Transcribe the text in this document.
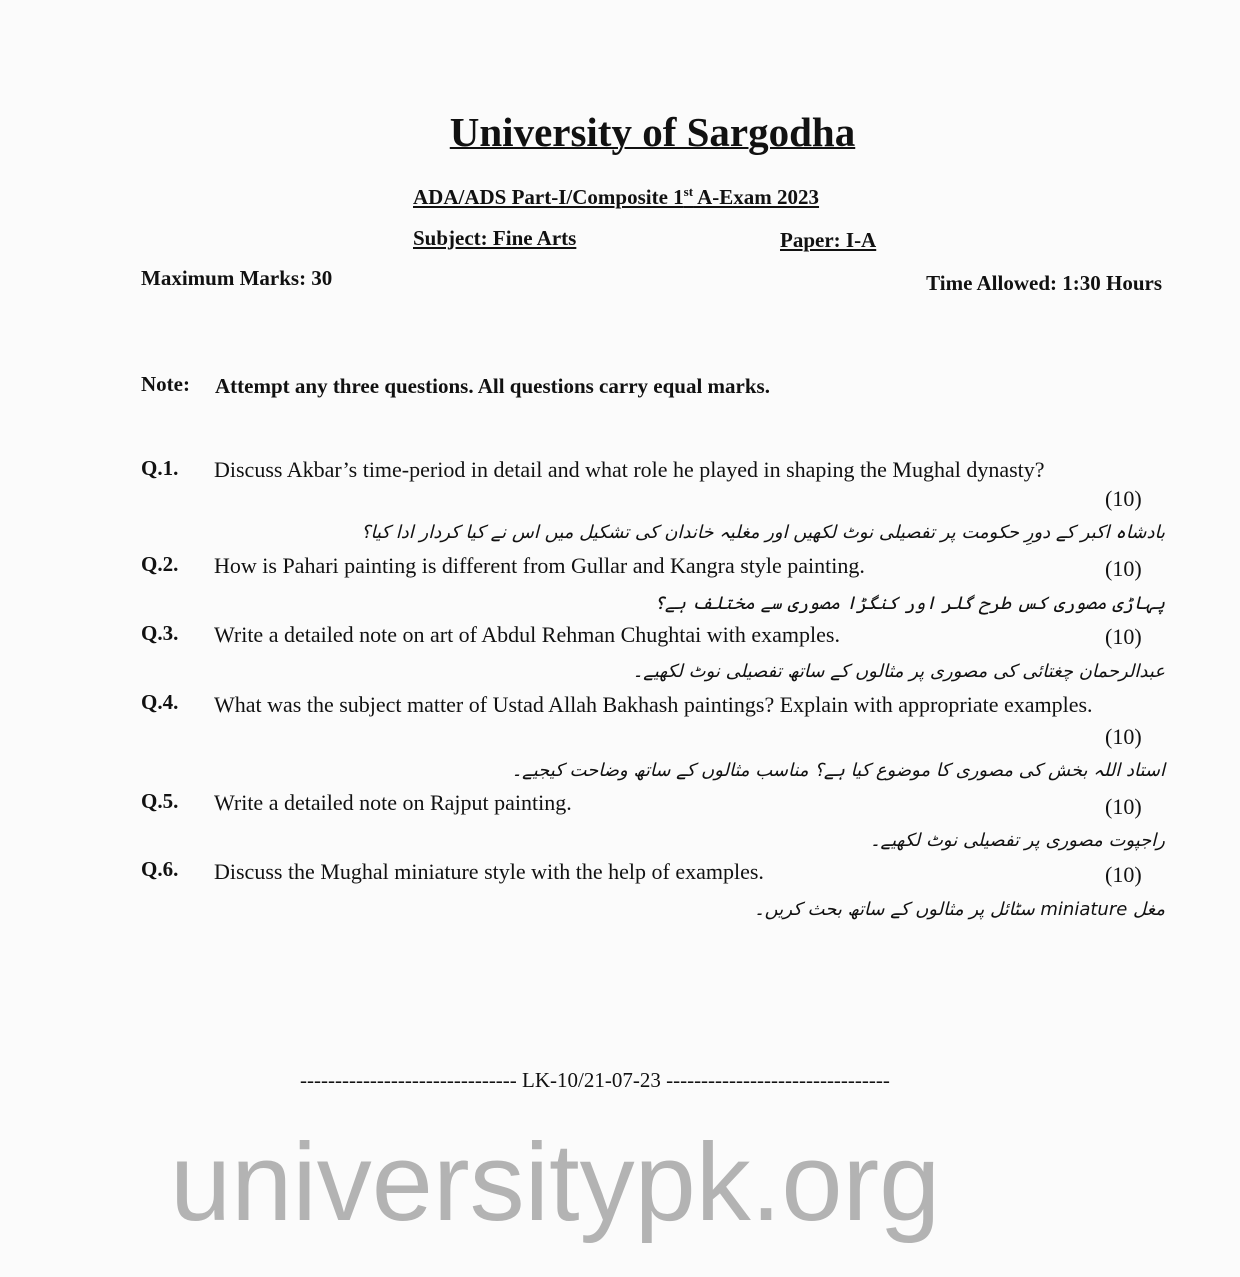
University of Sargodha
ADA/ADS Part-I/Composite 1st A-Exam 2023
Subject: Fine Arts	Paper: I-A
Maximum Marks: 30	Time Allowed: 1:30 Hours
Note: Attempt any three questions. All questions carry equal marks.
Q.1. Discuss Akbar’s time-period in detail and what role he played in shaping the Mughal dynasty?
(10)
بادشاہ اکبر کے دورِ حکومت پر تفصیلی نوٹ لکھیں اور مغلیہ خاندان کی تشکیل میں اس نے کیا کردار ادا کیا؟
Q.2. How is Pahari painting is different from Gullar and Kangra style painting.	(10)
پہاڑی مصوری کس طرح گلر اور کنگڑا مصوری سے مختلف ہے؟
Q.3. Write a detailed note on art of Abdul Rehman Chughtai with examples.	(10)
عبدالرحمان چغتائی کی مصوری پر مثالوں کے ساتھ تفصیلی نوٹ لکھیے۔
Q.4. What was the subject matter of Ustad Allah Bakhash paintings? Explain with appropriate examples.
(10)
استاد اللہ بخش کی مصوری کا موضوع کیا ہے؟ مناسب مثالوں کے ساتھ وضاحت کیجیے۔
Q.5. Write a detailed note on Rajput painting.	(10)
راجپوت مصوری پر تفصیلی نوٹ لکھیے۔
Q.6. Discuss the Mughal miniature style with the help of examples.	(10)
مغل miniature سٹائل پر مثالوں کے ساتھ بحث کریں۔
------------------------------- LK-10/21-07-23 --------------------------------
universitypk.org
